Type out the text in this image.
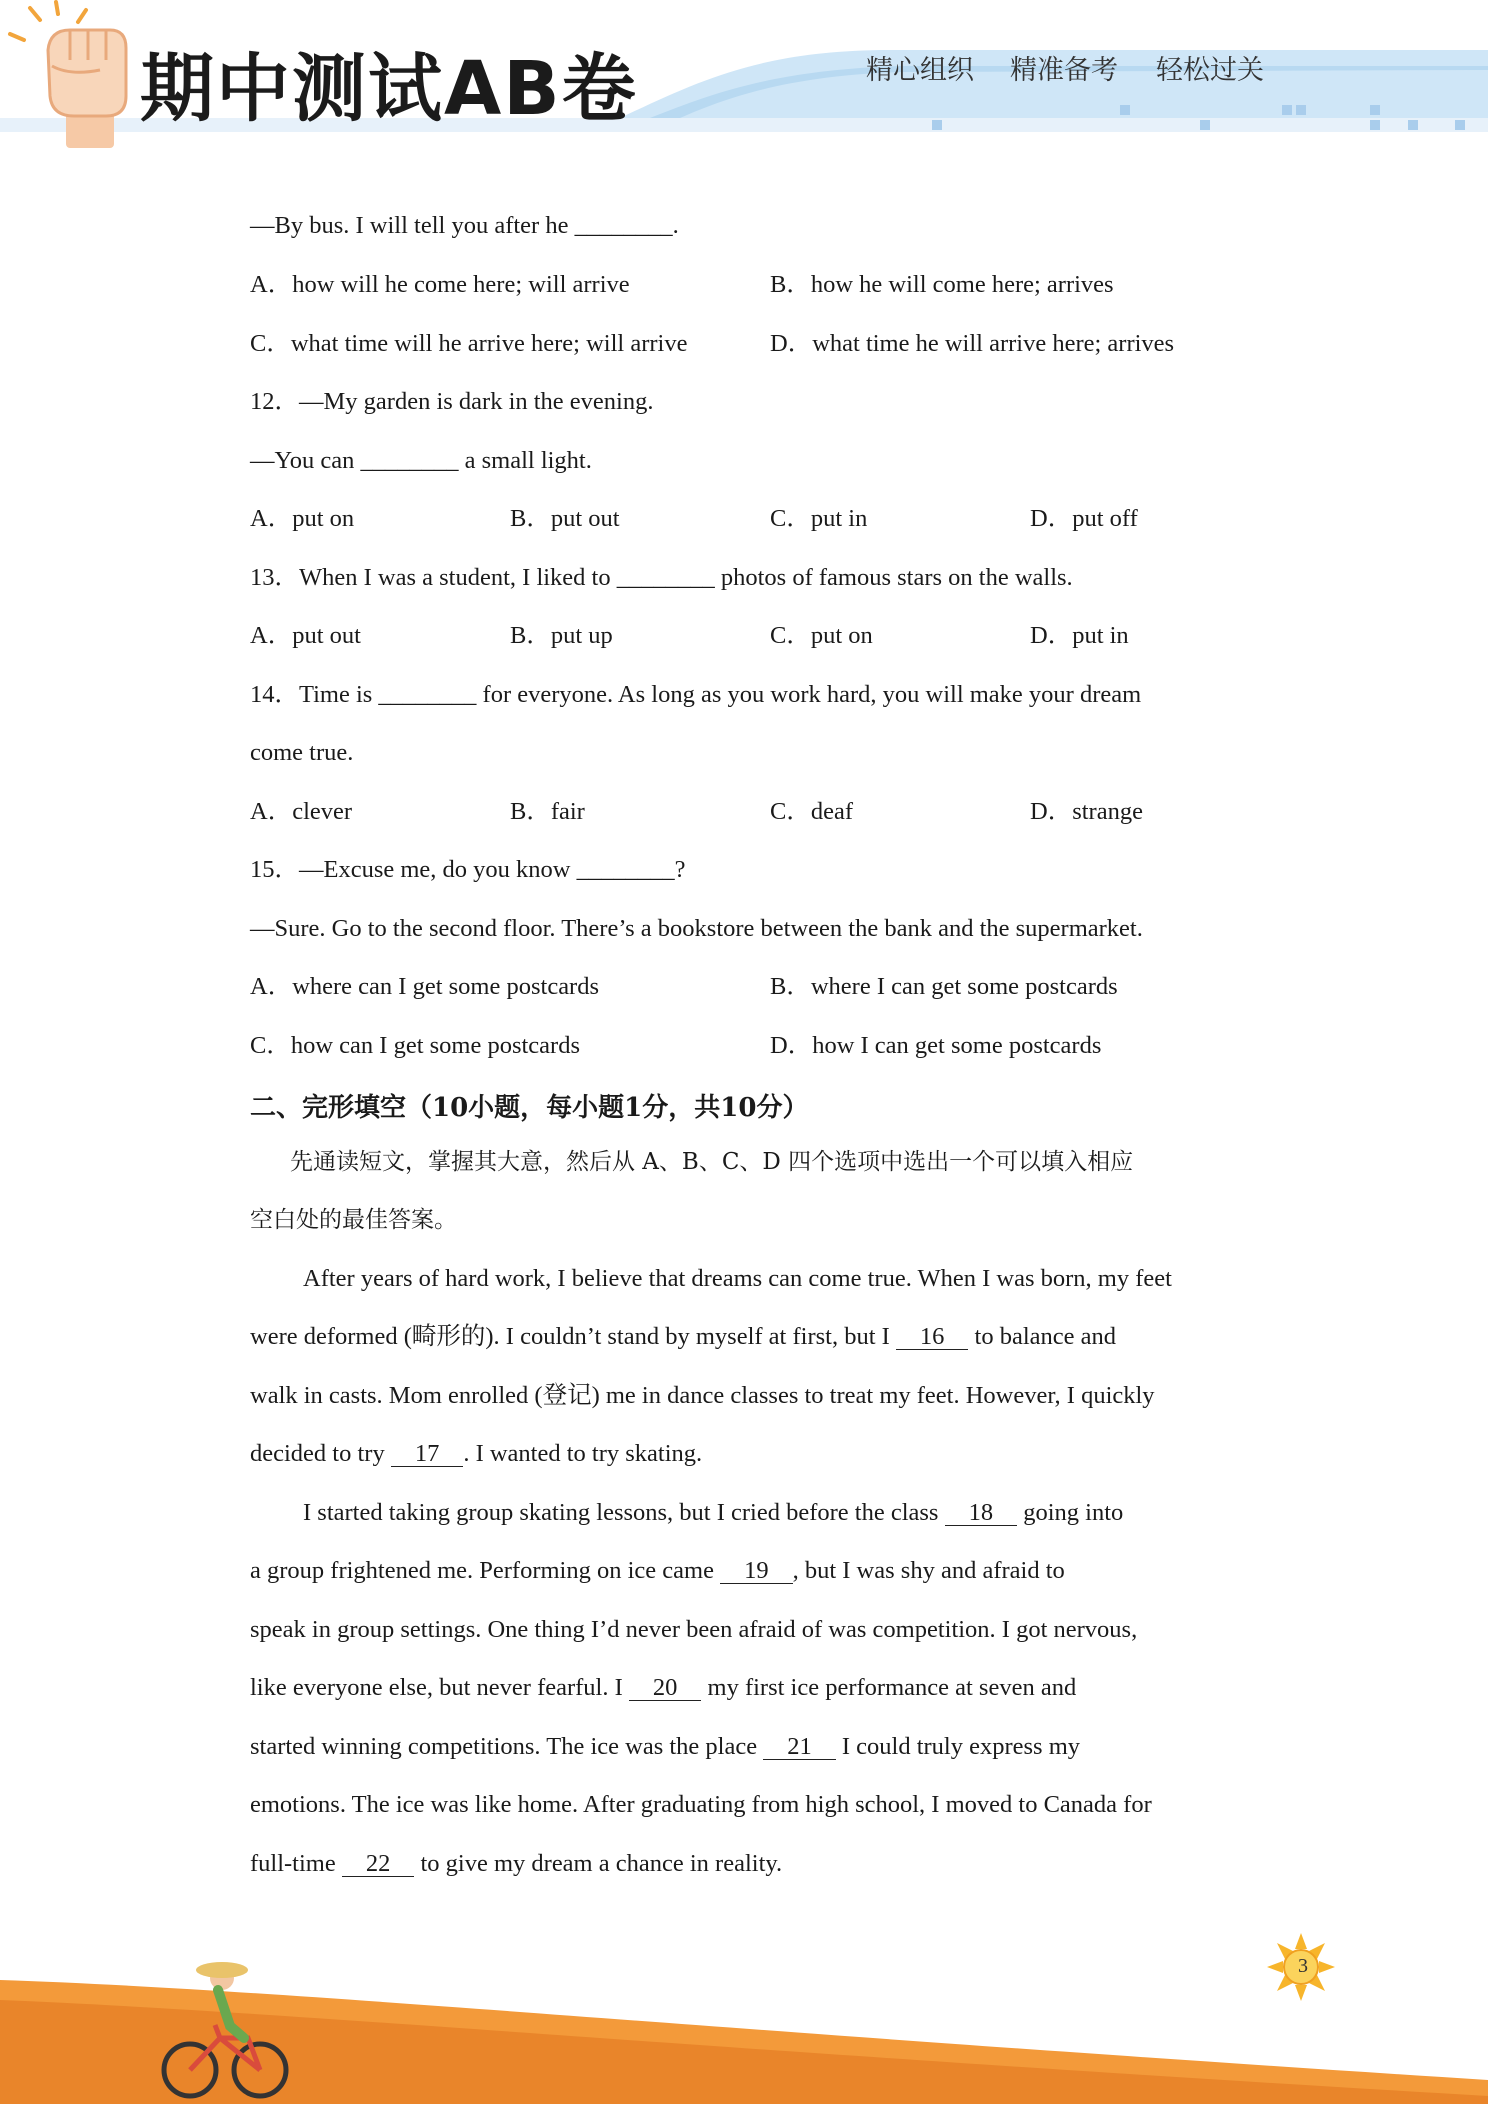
期中测试AB卷	精心组织 精准备考 轻松过关
—By bus. I will tell you after he ________.
A．how will he come here; will arrive	B．how he will come here; arrives
C．what time will he arrive here; will arrive	D．what time he will arrive here; arrives
12．—My garden is dark in the evening.
—You can ________ a small light.
A．put on	B．put out	C．put in	D．put off
13．When I was a student, I liked to ________ photos of famous stars on the walls.
A．put out	B．put up	C．put on	D．put in
14．Time is ________ for everyone. As long as you work hard, you will make your dream
come true.
A．clever	B．fair	C．deaf	D．strange
15．—Excuse me, do you know ________?
—Sure. Go to the second floor. There’s a bookstore between the bank and the supermarket.
A．where can I get some postcards	B．where I can get some postcards
C．how can I get some postcards	D．how I can get some postcards
二、完形填空（10小题，每小题1分，共10分）
先通读短文，掌握其大意，然后从 A、B、C、D 四个选项中选出一个可以填入相应
空白处的最佳答案。
After years of hard work, I believe that dreams can come true. When I was born, my feet
were deformed (畸形的). I couldn’t stand by myself at first, but I 16 to balance and
walk in casts. Mom enrolled (登记) me in dance classes to treat my feet. However, I quickly
decided to try 17 . I wanted to try skating.
I started taking group skating lessons, but I cried before the class 18 going into
a group frightened me. Performing on ice came 19 , but I was shy and afraid to
speak in group settings. One thing I’d never been afraid of was competition. I got nervous,
like everyone else, but never fearful. I 20 my first ice performance at seven and
started winning competitions. The ice was the place 21 I could truly express my
emotions. The ice was like home. After graduating from high school, I moved to Canada for
full-time 22 to give my dream a chance in reality.
3
